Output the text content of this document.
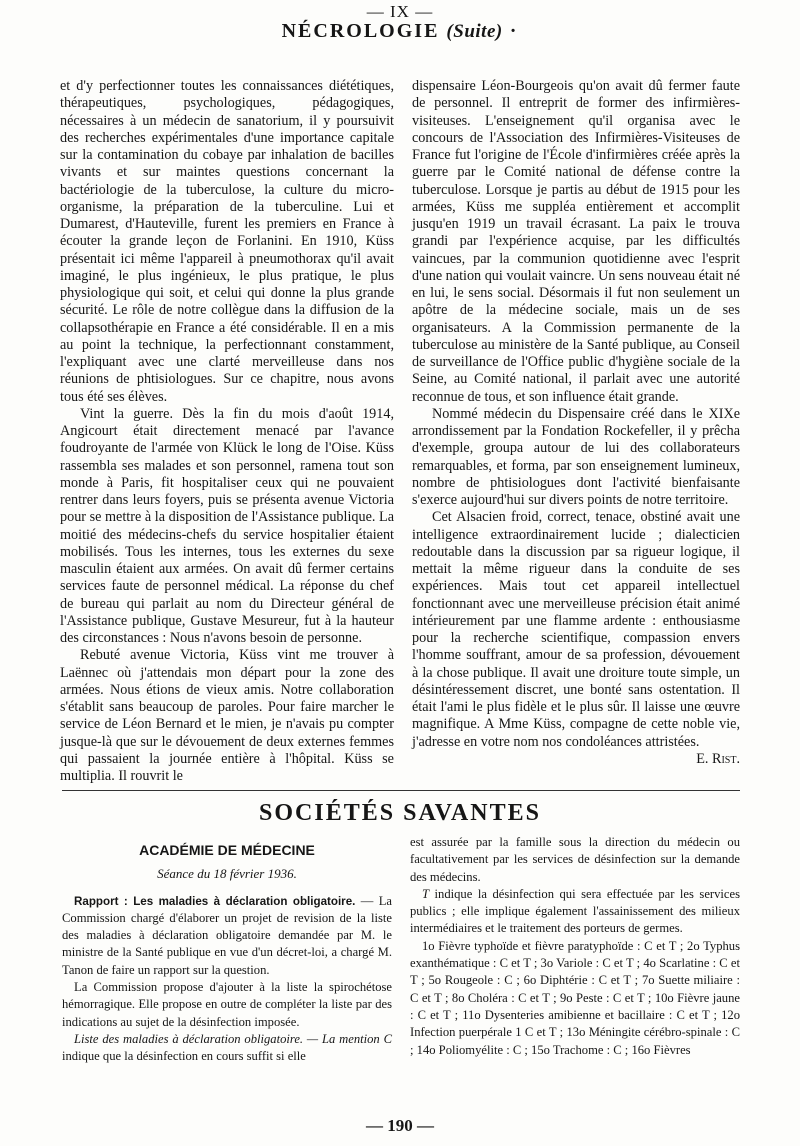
— IX —
NÉCROLOGIE (Suite) ·

et d'y perfectionner toutes les connaissances diététiques, thérapeutiques, psychologiques, pédagogiques, nécessaires à un médecin de sanatorium, il y poursuivit des recherches expérimentales d'une importance capitale sur la contamination du cobaye par inhalation de bacilles vivants et sur maintes questions concernant la bactériologie de la tuberculose, la culture du micro-organisme, la préparation de la tuberculine. Lui et Dumarest, d'Hauteville, furent les premiers en France à écouter la grande leçon de Forlanini. En 1910, Küss présentait ici même l'appareil à pneumothorax qu'il avait imaginé, le plus ingénieux, le plus pratique, le plus physiologique qui soit, et celui qui donne la plus grande sécurité. Le rôle de notre collègue dans la diffusion de la collapsothérapie en France a été considérable. Il en a mis au point la technique, la perfectionnant constamment, l'expliquant avec une clarté merveilleuse dans nos réunions de phtisiologues. Sur ce chapitre, nous avons tous été ses élèves.

Vint la guerre. Dès la fin du mois d'août 1914, Angicourt était directement menacé par l'avance foudroyante de l'armée von Klück le long de l'Oise. Küss rassembla ses malades et son personnel, ramena tout son monde à Paris, fit hospitaliser ceux qui ne pouvaient rentrer dans leurs foyers, puis se présenta avenue Victoria pour se mettre à la disposition de l'Assistance publique. La moitié des médecins-chefs du service hospitalier étaient mobilisés. Tous les internes, tous les externes du sexe masculin étaient aux armées. On avait dû fermer certains services faute de personnel médical. La réponse du chef de bureau qui parlait au nom du Directeur général de l'Assistance publique, Gustave Mesureur, fut à la hauteur des circonstances : Nous n'avons besoin de personne.

Rebuté avenue Victoria, Küss vint me trouver à Laënnec où j'attendais mon départ pour la zone des armées. Nous étions de vieux amis. Notre collaboration s'établit sans beaucoup de paroles. Pour faire marcher le service de Léon Bernard et le mien, je n'avais pu compter jusque-là que sur le dévouement de deux externes femmes qui passaient la journée entière à l'hôpital. Küss se multiplia. Il rouvrit le

dispensaire Léon-Bourgeois qu'on avait dû fermer faute de personnel. Il entreprit de former des infirmières-visiteuses. L'enseignement qu'il organisa avec le concours de l'Association des Infirmières-Visiteuses de France fut l'origine de l'École d'infirmières créée après la guerre par le Comité national de défense contre la tuberculose. Lorsque je partis au début de 1915 pour les armées, Küss me suppléa entièrement et accomplit jusqu'en 1919 un travail écrasant. La paix le trouva grandi par l'expérience acquise, par les difficultés vaincues, par la communion quotidienne avec l'esprit d'une nation qui voulait vaincre. Un sens nouveau était né en lui, le sens social. Désormais il fut non seulement un apôtre de la médecine sociale, mais un de ses organisateurs. A la Commission permanente de la tuberculose au ministère de la Santé publique, au Conseil de surveillance de l'Office public d'hygiène sociale de la Seine, au Comité national, il parlait avec une autorité reconnue de tous, et son influence était grande.

Nommé médecin du Dispensaire créé dans le XIXe arrondissement par la Fondation Rockefeller, il y prêcha d'exemple, groupa autour de lui des collaborateurs remarquables, et forma, par son enseignement lumineux, nombre de phtisiologues dont l'activité bienfaisante s'exerce aujourd'hui sur divers points de notre territoire.

Cet Alsacien froid, correct, tenace, obstiné avait une intelligence extraordinairement lucide ; dialecticien redoutable dans la discussion par sa rigueur logique, il mettait la même rigueur dans la conduite de ses expériences. Mais tout cet appareil intellectuel fonctionnant avec une merveilleuse précision était animé intérieurement par une flamme ardente : enthousiasme pour la recherche scientifique, compassion envers l'homme souffrant, amour de sa profession, dévouement à la chose publique. Il avait une droiture toute simple, un désintéressement discret, une bonté sans ostentation. Il était l'ami le plus fidèle et le plus sûr. Il laisse une œuvre magnifique. A Mme Küss, compagne de cette noble vie, j'adresse en votre nom nos condoléances attristées.

E. Rist.

SOCIÉTÉS SAVANTES
ACADÉMIE DE MÉDECINE
Séance du 18 février 1936.

Rapport : Les maladies à déclaration obligatoire. — La Commission chargé d'élaborer un projet de revision de la liste des maladies à déclaration obligatoire demandée par M. le ministre de la Santé publique en vue d'un décret-loi, a chargé M. Tanon de faire un rapport sur la question.

La Commission propose d'ajouter à la liste la spirochétose hémorragique. Elle propose en outre de compléter la liste par des indications au sujet de la désinfection imposée.

Liste des maladies à déclaration obligatoire. — La mention C indique que la désinfection en cours suffit si elle

est assurée par la famille sous la direction du médecin ou facultativement par les services de désinfection sur la demande des médecins.

T indique la désinfection qui sera effectuée par les services publics ; elle implique également l'assainissement des milieux intermédiaires et le traitement des porteurs de germes.

1o Fièvre typhoïde et fièvre paratyphoïde : C et T ; 2o Typhus exanthématique : C et T ; 3o Variole : C et T ; 4o Scarlatine : C et T ; 5o Rougeole : C ; 6o Diphtérie : C et T ; 7o Suette miliaire : C et T ; 8o Choléra : C et T ; 9o Peste : C et T ; 10o Fièvre jaune : C et T ; 11o Dysenteries amibienne et bacillaire : C et T ; 12o Infection puerpérale 1 C et T ; 13o Méningite cérébro-spinale : C ; 14o Poliomyélite : C ; 15o Trachome : C ; 16o Fièvres

— 190 —
